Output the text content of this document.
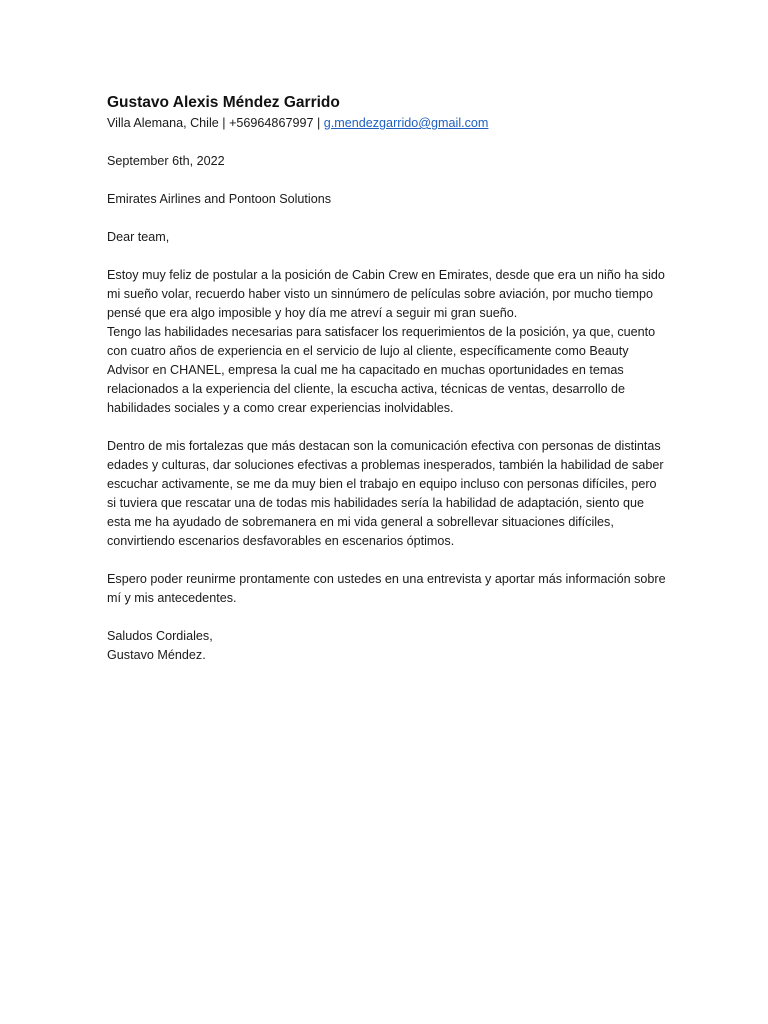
Gustavo Alexis Méndez Garrido

Villa Alemana, Chile | +56964867997 | g.mendezgarrido@gmail.com

September 6th, 2022

Emirates Airlines and Pontoon Solutions

Dear team,

Estoy muy feliz de postular a la posición de Cabin Crew en Emirates, desde que era un niño ha sido mi sueño volar, recuerdo haber visto un sinnúmero de películas sobre aviación, por mucho tiempo pensé que era algo imposible y hoy día me atreví a seguir mi gran sueño.

Tengo las habilidades necesarias para satisfacer los requerimientos de la posición, ya que, cuento con cuatro años de experiencia en el servicio de lujo al cliente, específicamente como Beauty Advisor en CHANEL, empresa la cual me ha capacitado en muchas oportunidades en temas relacionados a la experiencia del cliente, la escucha activa, técnicas de ventas, desarrollo de habilidades sociales y a como crear experiencias inolvidables.

Dentro de mis fortalezas que más destacan son la comunicación efectiva con personas de distintas edades y culturas, dar soluciones efectivas a problemas inesperados, también la habilidad de saber escuchar activamente, se me da muy bien el trabajo en equipo incluso con personas difíciles, pero si tuviera que rescatar una de todas mis habilidades sería la habilidad de adaptación, siento que esta me ha ayudado de sobremanera en mi vida general a sobrellevar situaciones difíciles, convirtiendo escenarios desfavorables en escenarios óptimos.

Espero poder reunirme prontamente con ustedes en una entrevista y aportar más información sobre mí y mis antecedentes.

Saludos Cordiales,

Gustavo Méndez.
